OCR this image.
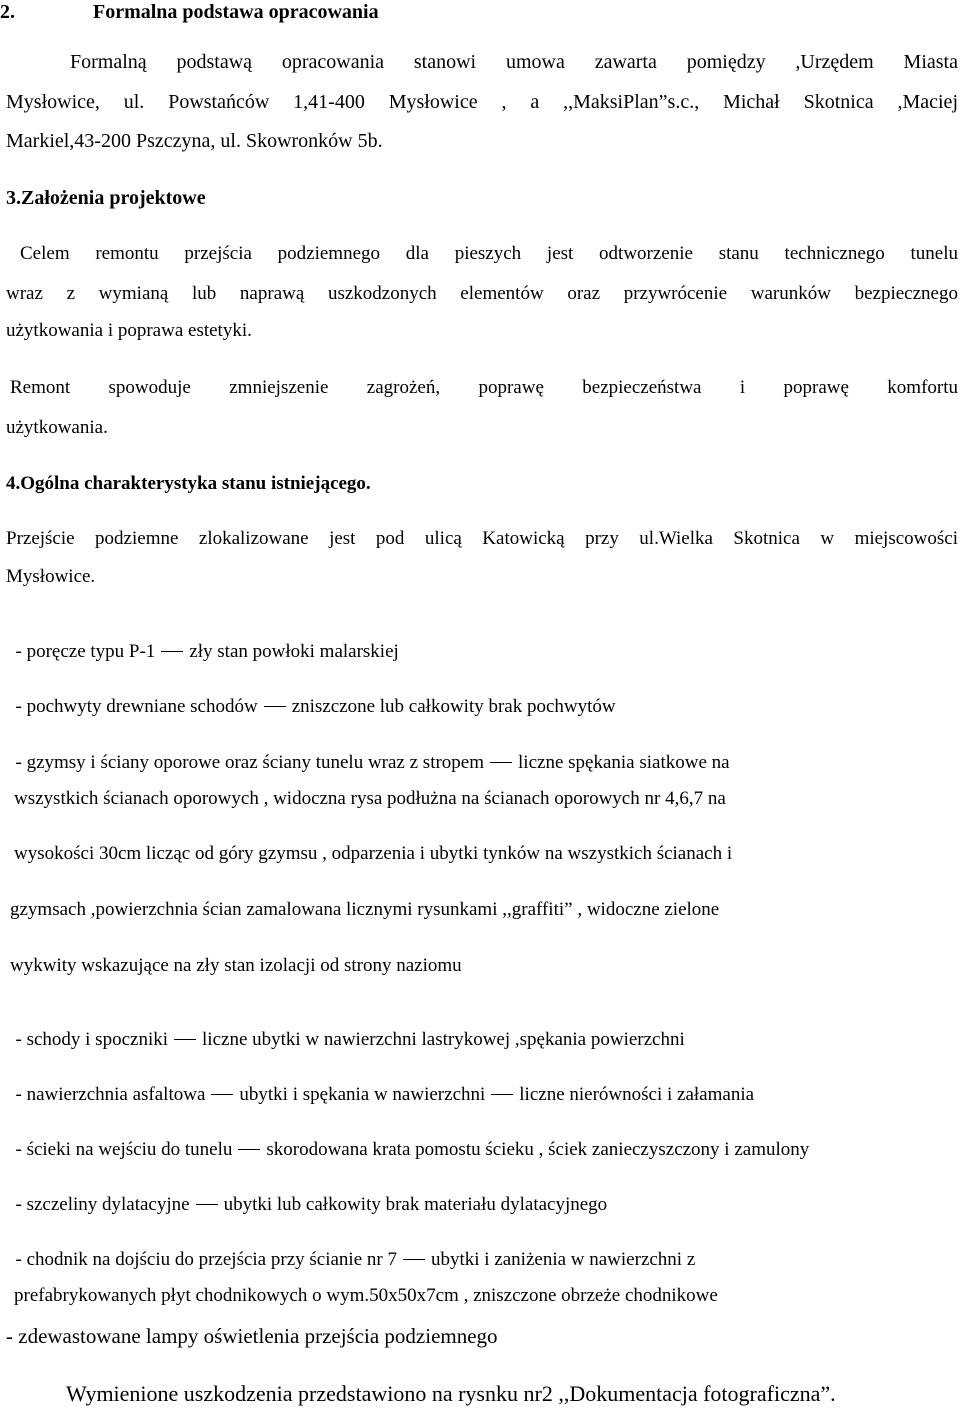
2.	Formalna podstawa opracowania
Formalną podstawą opracowania stanowi umowa zawarta pomiędzy ,Urzędem Miasta
Mysłowice, ul. Powstańców 1,41-400 Mysłowice , a ,,MaksiPlan”s.c., Michał Skotnica ,Maciej
Markiel,43-200 Pszczyna, ul. Skowronków 5b.
3.Założenia projektowe
Celem remontu przejścia podziemnego dla pieszych jest odtworzenie stanu technicznego tunelu
wraz z wymianą lub naprawą uszkodzonych elementów oraz przywrócenie warunków bezpiecznego
użytkowania i poprawa estetyki.
Remont spowoduje zmniejszenie zagrożeń, poprawę bezpieczeństwa i poprawę komfortu
użytkowania.
4.Ogólna charakterystyka stanu istniejącego.
Przejście podziemne zlokalizowane jest pod ulicą Katowicką przy ul.Wielka Skotnica w miejscowości
Mysłowice.

- poręcze typu P-1 zły stan powłoki malarskiej

- pochwyty drewniane schodów zniszczone lub całkowity brak pochwytów

- gzymsy i ściany oporowe oraz ściany tunelu wraz z stropem liczne spękania siatkowe na

wszystkich ścianach oporowych , widoczna rysa podłużna na ścianach oporowych nr 4,6,7 na
wysokości 30cm licząc od góry gzymsu , odparzenia i ubytki tynków na wszystkich ścianach i
gzymsach ,powierzchnia ścian zamalowana licznymi rysunkami ,,graffiti” , widoczne zielone
wykwity wskazujące na zły stan izolacji od strony naziomu

- schody i spoczniki liczne ubytki w nawierzchni lastrykowej ,spękania powierzchni

- nawierzchnia asfaltowa ubytki i spękania w nawierzchni liczne nierówności i załamania

- ścieki na wejściu do tunelu skorodowana krata pomostu ścieku , ściek zanieczyszczony i zamulony

- szczeliny dylatacyjne ubytki lub całkowity brak materiału dylatacyjnego

- chodnik na dojściu do przejścia przy ścianie nr 7 ubytki i zaniżenia w nawierzchni z

prefabrykowanych płyt chodnikowych o wym.50x50x7cm , zniszczone obrzeże chodnikowe
- zdewastowane lampy oświetlenia przejścia podziemnego
Wymienione uszkodzenia przedstawiono na rysnku nr2 ,,Dokumentacja fotograficzna”.
